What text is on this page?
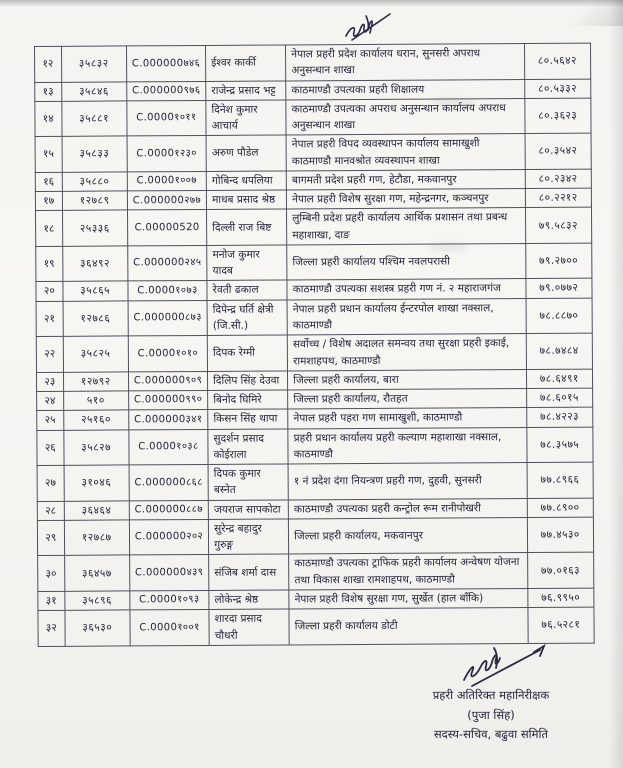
१२	३५८३२	C.000000७४६	ईश्वर कार्की	नेपाल प्रहरी प्रदेश कार्यालय धरान, सुनसरी अपराध अनुसन्धान शाखा	८०.५६४२
१३	३५८४६	C.000000९७६	राजेन्द्र प्रसाद भट्ट	काठमाण्डौ उपत्यका प्रहरी शिक्षालय	८०.५३३२
१४	३५८८१	C.0000१०११	दिनेश कुमार आचार्य	काठमाण्डौ उपत्यका अपराध अनुसन्धान कार्यालय अपराध अनुसन्धान शाखा	८०.३६२३
१५	३५८३३	C.0000१२३०	अरुण पौडेल	नेपाल प्रहरी विपद व्यवस्थापन कार्यालय सामाखुशी काठमाण्डौ मानवश्रोत व्यवस्थापन शाखा	८०.३५४२
१६	३५८८०	C.0000१००७	गोबिन्द धपलिया	बागमती प्रदेश प्रहरी गण, हेटौडा, मकवानपुर	८०.२३४२
१७	१२७८९	C.000000२७७	माधब प्रसाद श्रेष्ठ	नेपाल प्रहरी विशेष सुरक्षा गण, महेन्द्रनगर, कञ्चनपुर	८०.२२१२
१८	२५३३६	C.00000520	दिल्ली राज बिष्ट	लुम्बिनी प्रदेश प्रहरी कार्यालय आर्थिक प्रशासन तथा प्रबन्ध महाशाखा, दाङ	७९.५८३२
१९	३६४९२	C.000000२४५	मनोज कुमार यादब	जिल्ला प्रहरी कार्यालय पश्चिम नवलपरासी	७९.२७००
२०	३५८६५	C.0000१०७३	रेवती ढकाल	काठमाण्डौ उपत्यका सशस्त्र प्रहरी गण नं. २ महाराजगंज	७९.०७७२
२१	१२७८६	C.000000८७३	दिपेन्द्र घर्ति क्षेत्री (जि.सी.)	नेपाल प्रहरी प्रधान कार्यालय ईन्टरपोल शाखा नक्साल, काठमाण्डौ	७८.८८७०
२२	३५८२५	C.0000१०१०	दिपक रेग्मी	सर्वोच्च / विशेष अदालत समन्वय तथा सुरक्षा प्रहरी इकाई, रामशाहपथ, काठमाण्डौ	७८.७४८४
२३	१२७९२	C.000000९०९	दिलिप सिंह देउवा	जिल्ला प्रहरी कार्यालय, बारा	७८.६४९१
२४	५१०	C.000000९९०	बिनोद घिमिरे	जिल्ला प्रहरी कार्यालय, रौतहत	७८.६०१५
२५	२५१६०	C.000000३४१	किसन सिंह थापा	नेपाल प्रहरी पहरा गण सामाखुशी, काठमाण्डौ	७८.४२२३
२६	३५८२७	C.0000१०३८	सुदर्शन प्रसाद कोईराला	प्रहरी प्रधान कार्यालय प्रहरी कल्याण महाशाखा नक्साल, काठमाण्डौ	७८.३५७५
२७	३१०४६	C.000000८६८	दिपक कुमार बस्नेत	१ नं प्रदेश दंगा नियन्त्रण प्रहरी गण, दुहवी, सुनसरी	७७.८९६६
२८	३६४६४	C.000000८८७	जयराज सापकोटा	काठमाण्डौ उपत्यका प्रहरी कन्ट्रोल रूम रानीपोखरी	७७.८९००
२९	१२७८७	C.000000२०२	सुरेन्द्र बहादुर गुरुङ्ग	जिल्ला प्रहरी कार्यालय, मकवानपुर	७७.४५३०
३०	३६४५७	C.000000४३९	संजिब शर्मा दास	काठमाण्डौ उपत्यका ट्राफिक प्रहरी कार्यालय अन्वेषण योजना तथा विकास शाखा रामशाहपथ, काठमाण्डौ	७७.०१६३
३१	३५८९६	C.0000१०९३	लोकेन्द्र श्रेष्ठ	नेपाल प्रहरी विशेष सुरक्षा गण, सुर्खेत (हाल बाँकि)	७६.९९५०
३२	३६५३०	C.0000१००१	शारदा प्रसाद चौधरी	जिल्ला प्रहरी कार्यालय डोटी	७६.५२८१
प्रहरी अतिरिक्त महानिरीक्षक
(पुजा सिंह)
सदस्य-सचिव, बढुवा समिति
